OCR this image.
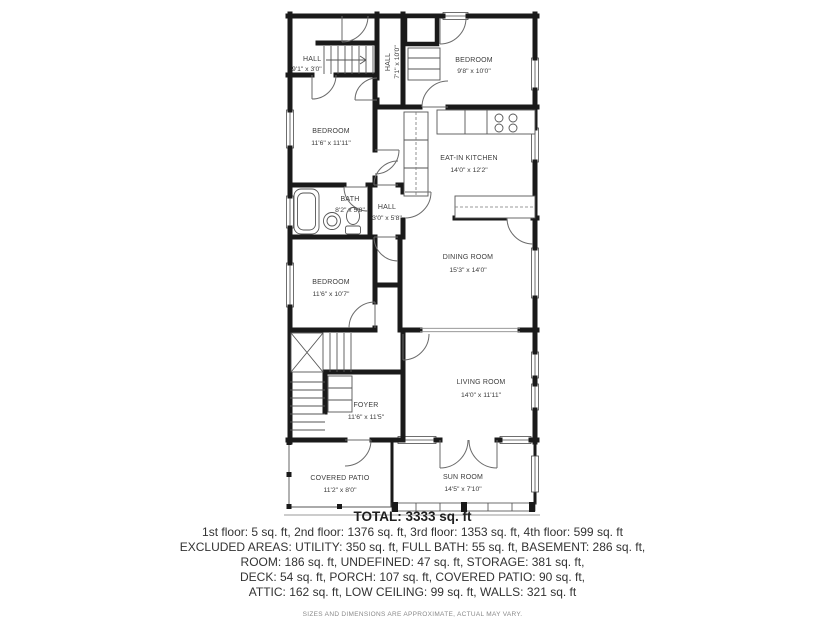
HALL
9'1" x 3'0"	HALL 7'1" x 10'0"	BEDROOM
9'8" x 10'0"
BEDROOM
11'6" x 11'11"
EAT-IN KITCHEN
14'0" x 12'2"
BATH
8'2" x 5'8" HALL
3'0" x 5'8"
BEDROOM
11'6" x 10'7"
DINING ROOM
15'3" x 14'0"
LIVING ROOM
14'0" x 11'11"
FOYER
11'6" x 11'5"
COVERED PATIO
11'2" x 8'0"
SUN ROOM
14'5" x 7'10"
TOTAL: 3333 sq. ft
1st floor: 5 sq. ft, 2nd floor: 1376 sq. ft, 3rd floor: 1353 sq. ft, 4th floor: 599 sq. ft
EXCLUDED AREAS: UTILITY: 350 sq. ft, FULL BATH: 55 sq. ft, BASEMENT: 286 sq. ft,
ROOM: 186 sq. ft, UNDEFINED: 47 sq. ft, STORAGE: 381 sq. ft,
DECK: 54 sq. ft, PORCH: 107 sq. ft, COVERED PATIO: 90 sq. ft,
ATTIC: 162 sq. ft, LOW CEILING: 99 sq. ft, WALLS: 321 sq. ft
SIZES AND DIMENSIONS ARE APPROXIMATE, ACTUAL MAY VARY.
